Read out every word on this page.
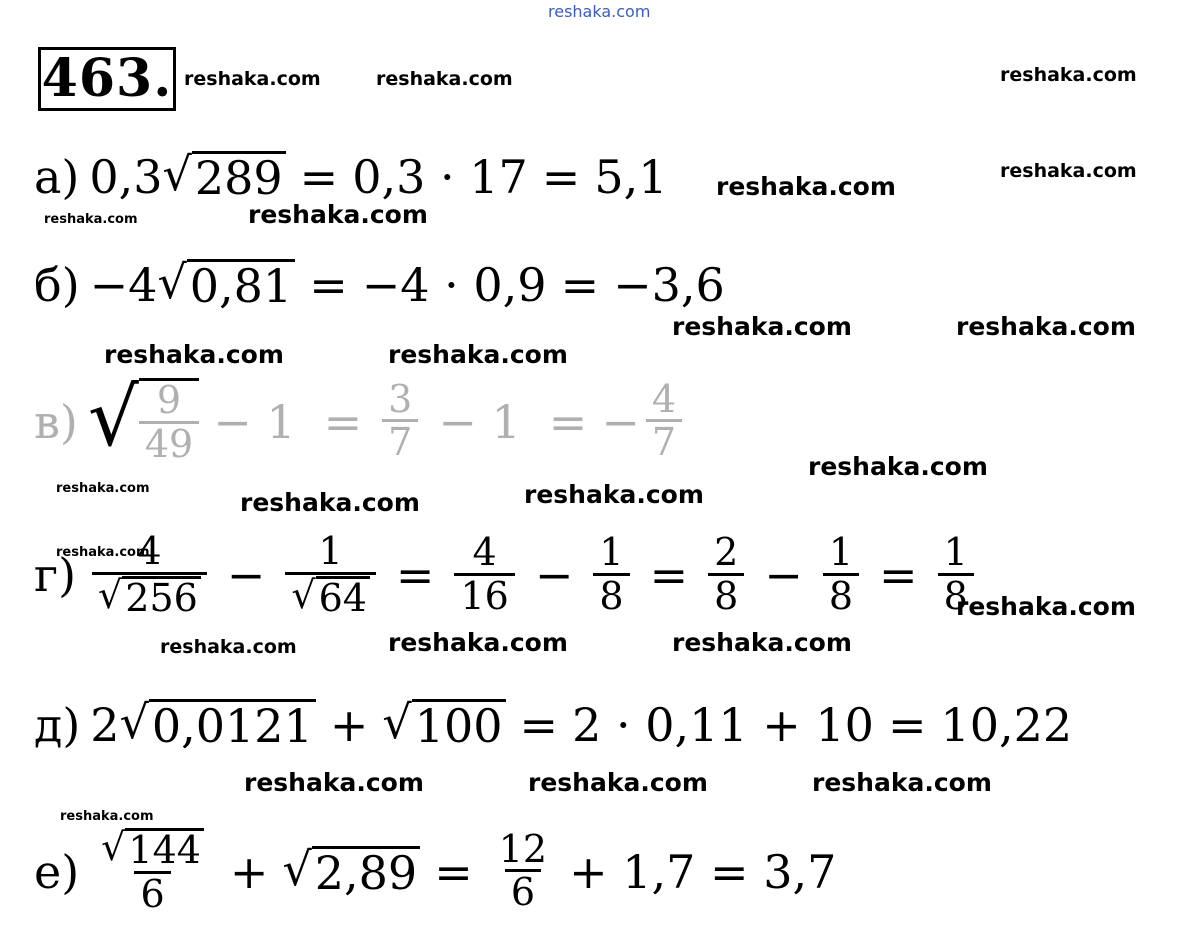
reshaka.com
463. reshaka.com	reshaka.com	reshaka.com
reshaka.com
reshaka.com
reshaka.com	reshaka.com
reshaka.com	reshaka.com
reshaka.com	reshaka.com
reshaka.com
reshaka.com	reshaka.com
reshaka.com
reshaka.com
reshaka.com
reshaka.com	reshaka.com
reshaka.com
reshaka.com	reshaka.com	reshaka.com
reshaka.com
а) 0,3 √ 289 = 0,3 · 17 = 5,1
б) −4 √ 0,81 = −4 · 0,9 = −3,6
в) √ $\frac{9}{49} - 1 = \frac{3}{7} - 1$ = − $\frac{4}{7}$
$г) \frac{4}{√ 256} - \frac{1}{√ 64} = \frac{4}{16} - \frac{1}{8} = \frac{2}{8} - \frac{1}{8} = \frac{1}{8}$
д) 2 √ 0,0121 + √ 100 = 2 · 0,11 + 10 = 10,22
$е) \frac{√ 144}{6}$ + √ $2,89 = \frac{12}{6} + 1,7 = 3,7$
